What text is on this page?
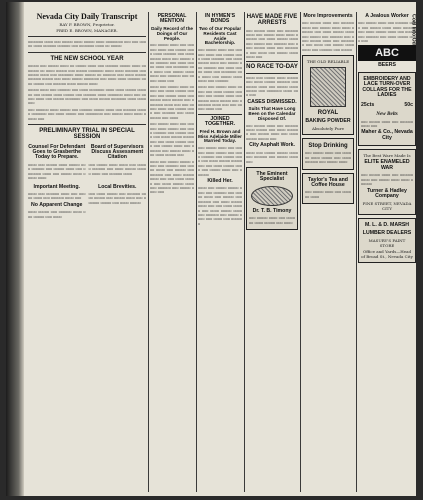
Nevada City Daily Transcript
RAY F. BROWN, Proprietor.
FRED E. BROWN, MANAGER.

ooooooo oooo ooo ooooo oooo ooooo oooo oooooooo ooo ooo ooooo oooo oooooo oooooo ooo ooooooo oooo oo ooooo

THE NEW SCHOOL YEAR

ooooo ooo ooooo oooo oo ooooo oooo ooo oooooo ooooo oooo ooooooo oo oooo ooooo ooo ooooo ooooooo oooo oooo oooooo ooo ooooo oooo ooo ooooooo oooo ooooo oo oooooo ooo oooo ooooo oooooo ooooo ooo oooo ooooo ooooooo ooo oooo oooo oooooo oooo ooooo ooo oooooo oooo ooooo oooo

ooooo oooo ooo oooooo ooo oooo ooooooo oooo oooo ooooo oooooo ooo ooooo oooo ooooo ooo oooooo oooo ooooooo oooo ooo ooooo oooo ooo ooooo ooooooo ooo oooo ooooo ooooooo oooo oooo ooo

ooo oooooo oooo ooooo ooo oooooo ooooo oooo ooo oooooo ooooo ooooooo ooo oooo ooooo ooo oooooooo ooo ooooo oooo oooo ooooo ooo

PRELIMINARY TRIAL IN SPECIAL SESSION
Counsel For Defendant Goes to Grasberthe Today to Prepare.

oooo ooo ooooo oooo ooooo ooo oooooo ooo ooooo oooo ooo ooooooo oooo ooo ooooo oooo ooooo oooo

Board of Supervisors Discuss Assessment Citation

ooo ooooo oooo oooo ooo ooooo oooooo ooo oooo ooooo ooooo oooo ooo oooooo oooo

Important Meeting.

oooo ooo oooooo oooo ooo ooooo oooo ooo oooooo oooo ooo

No Apparent Change

oooo ooooo ooo oooooo oooo ooo ooooo ooo oooo

Local Brevities.

ooo oooo ooooo ooo oooooo oooo ooooo ooo ooooo oooo ooo oooooo ooooo ooo oooo ooooo

PERSONAL MENTION
Daily Record of the Doings of Our People.

ooo ooooo oooo ooo oooooo oooo ooo ooooo oooo oooo oooooo ooo oooo ooooo oooo ooo ooooo ooo oooooo ooo oooo ooooo oooo ooo ooooooo ooo oooo ooo ooooo oooo oooo ooo oooooo ooo ooooo oooo ooo

oooo ooo ooooo oooo ooooo ooo oooo ooooo oooooo ooo ooooo oooo ooo ooooo oooo ooooo ooo ooooooo oooo ooo ooo ooooo oooo ooo ooooo oooo ooo oooooo ooo oooo ooooo ooo oooo

ooo ooooo oooo ooo oooooo oooo ooooo ooo oooo oooooo ooo ooooo oooo ooo oooo ooooo ooooo ooo ooo oooo ooooo oooo ooo ooooo oooo ooo oooooo ooo ooooo oooo ooo oooo ooooo ooo

oooo ooo ooooo ooooo oooo ooo oooooo ooo ooooo oooo ooo ooooo ooo oooooo ooo oooo ooooo oooo ooo ooo oooo ooooo ooo oooo ooooo oooo ooo oooooo ooo ooooo oooo ooo

IN HYMEN'S BONDS
Two of Our Popular Residents Cast Aside Bachelorship.

ooo ooooo oooo ooo oooooo oooo ooo ooooo oooo oooo oooooo ooo oooo ooooo oooo ooo ooooo ooo oooooo ooo oooo ooooo oooo ooo ooooooo ooo oooo ooo ooooo oooo oooo ooo oooooo

oooo ooo ooooo oooo ooooo ooo oooo ooooo oooooo ooo ooooo oooo ooo ooooo oooo ooooo ooo ooooooo oooo ooo ooo ooooo oooo ooo

JOINED TOGETHER.
Fred H. Brown and Miss Adelaide Miller Married Today.

ooo ooooo oooo ooo oooooo oooo ooooo ooo oooo oooooo ooo ooooo oooo ooo oooo ooooo ooooo ooo ooo oooo ooooo oooo ooo ooooo oooo ooo oooooo

Killed Her.

oooo ooo ooooo ooooo oooo ooo oooooo ooo ooooo oooo ooo ooooo ooo oooooo ooo oooo ooooo oooo ooo ooo oooo ooooo ooo oooo ooooo oooo ooo oooooo ooo ooooo oooo ooo oooo ooo oooooo

HAVE MADE FIVE ARRESTS

ooo ooooo oooo ooo oooooo oooo ooo ooooo oooo oooo oooooo ooo oooo ooooo oooo ooo ooooo ooo oooooo ooo oooo ooooo oooo ooo ooooooo ooo oooo ooo ooooo oooo oooo ooo

NO RACE TO-DAY

oooo ooo ooooo oooo ooooo ooo oooo ooooo oooooo ooo ooooo oooo ooo ooooo oooo ooooo ooo ooooooo oooo ooo ooo

CASES DISMISSED.
Suits That Have Long Been on the Calendar Disposed Of.

ooo ooooo oooo ooo oooooo oooo ooooo ooo oooo oooooo ooo ooooo oooo ooo oooo ooooo ooooo ooo

City Asphalt Work.

oooo ooo ooooo ooooo oooo ooo oooooo ooo ooooo oooo ooo

The Eminent Specialist
Dr. T. B. Timony

ooo ooooo oooo ooo oooooo oooo ooooo ooo oooo

More Improvements

ooo ooooo oooo ooo oooooo oooo ooo ooooo oooo oooo oooooo ooo oooo ooooo oooo ooo ooooo ooo oooooo ooo oooo ooooo oooo ooo ooooooo ooo oooo ooo ooooo oooo oooo ooo oooooo ooo ooooo

THE OLD RELIABLE
ROYAL
BAKING POWDER
Absolutely Pure
Stop Drinking

ooo ooooo oooo ooo oooooo oooo ooooo ooo oooo oooooo ooo ooooo oooo

Taylor's Tea and Coffee House

ooo ooooo oooo ooo oooooo oooo

A Jealous Worker

ooo ooooo oooo ooo oooooo oooo ooo ooooo oooo oooo oooooo ooo oooo ooooo oooo ooo ooooo ooo oooooo ooo oooo ooooo oooo ooo

ABC
BEERS
EMBROIDERY AND LACE TURN-OVER COLLARS FOR THE LADIES
25cts	50c
New Belts

ooo ooooo oooo ooo oooooo oooo ooo

Maher & Co., Nevada City
The Best Ware Made Is
ELITE ENAMELED WAR

ooo ooooo oooo ooo oooooo oooo ooo ooooo oooo oooo oooooo

Turner & Hadley Company
PINE STREET, NEVADA CITY
M. L. & D. MARSH
LUMBER DEALERS
MASURY'S PAINT STORE
Office and Yards—Head of Broad St., Nevada City
Coal Into Odd
